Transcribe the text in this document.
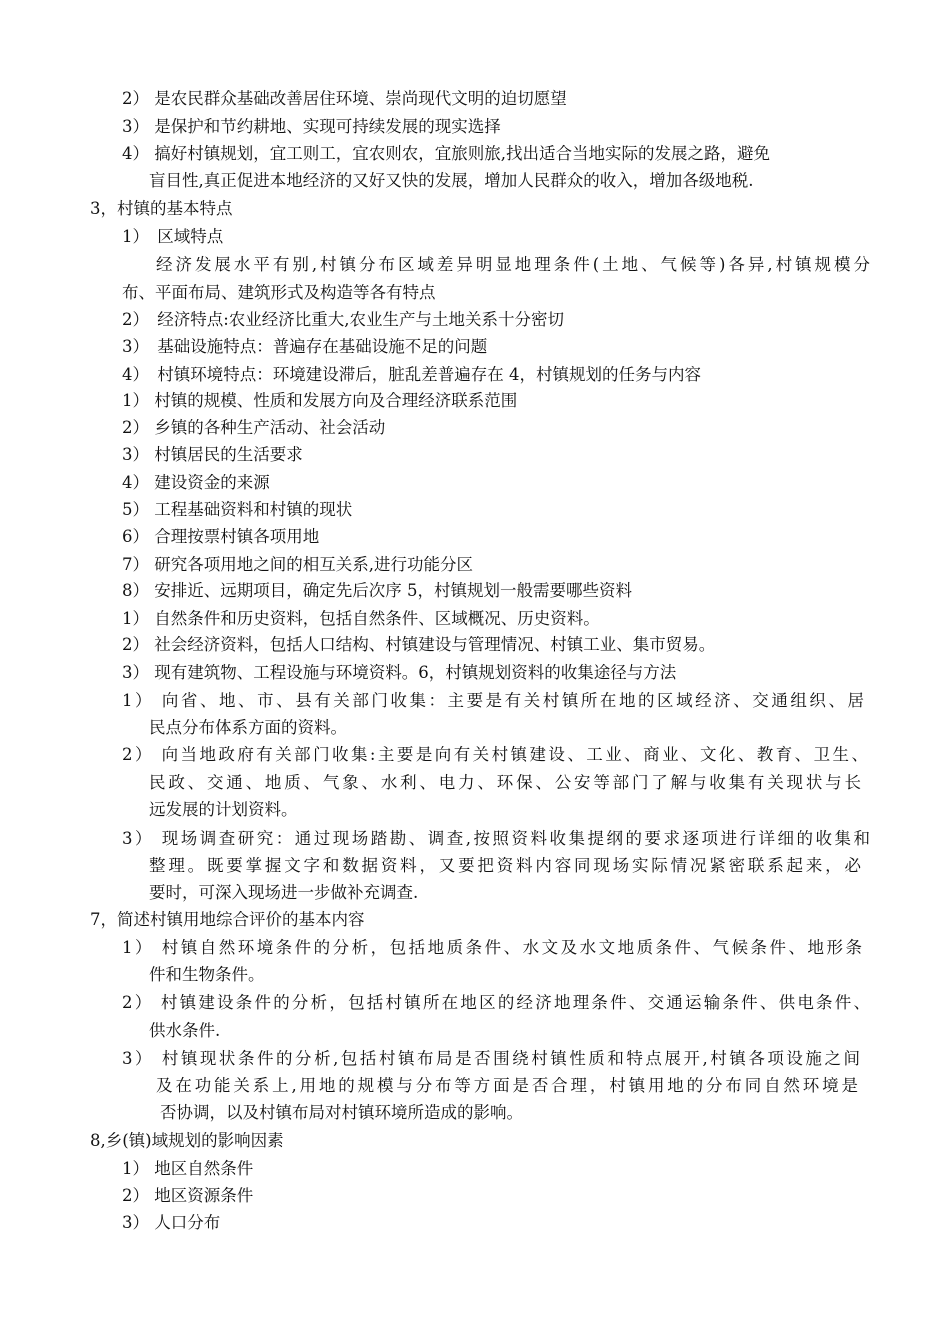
2） 是农民群众基础改善居住环境、崇尚现代文明的迫切愿望
3） 是保护和节约耕地、实现可持续发展的现实选择
4） 搞好村镇规划，宜工则工，宜农则农，宜旅则旅,找出适合当地实际的发展之路，避免
盲目性,真正促进本地经济的又好又快的发展，增加人民群众的收入，增加各级地税.
3，村镇的基本特点
1）　区域特点
经济发展水平有别,村镇分布区域差异明显地理条件(土地、气候等)各异,村镇规模分
布、平面布局、建筑形式及构造等各有特点
2）　经济特点:农业经济比重大,农业生产与土地关系十分密切
3）　基础设施特点：普遍存在基础设施不足的问题
4）　村镇环境特点：环境建设滞后，脏乱差普遍存在 4，村镇规划的任务与内容
1） 村镇的规模、性质和发展方向及合理经济联系范围
2） 乡镇的各种生产活动、社会活动
3） 村镇居民的生活要求
4） 建设资金的来源
5） 工程基础资料和村镇的现状
6） 合理按票村镇各项用地
7） 研究各项用地之间的相互关系,进行功能分区
8） 安排近、远期项目，确定先后次序 5，村镇规划一般需要哪些资料
1） 自然条件和历史资料，包括自然条件、区域概况、历史资料。
2） 社会经济资料，包括人口结构、村镇建设与管理情况、村镇工业、集市贸易。
3） 现有建筑物、工程设施与环境资料。6，村镇规划资料的收集途径与方法
1） 向省、地、市、县有关部门收集：主要是有关村镇所在地的区域经济、交通组织、居
民点分布体系方面的资料。
2） 向当地政府有关部门收集:主要是向有关村镇建设、工业、商业、文化、教育、卫生、
民政、交通、地质、气象、水利、电力、环保、公安等部门了解与收集有关现状与长
远发展的计划资料。
3） 现场调查研究：通过现场踏勘、调查,按照资料收集提纲的要求逐项进行详细的收集和
整理。既要掌握文字和数据资料，又要把资料内容同现场实际情况紧密联系起来，必
要时，可深入现场进一步做补充调查.
7，简述村镇用地综合评价的基本内容
1） 村镇自然环境条件的分析，包括地质条件、水文及水文地质条件、气候条件、地形条
件和生物条件。
2） 村镇建设条件的分析，包括村镇所在地区的经济地理条件、交通运输条件、供电条件、
供水条件.
3） 村镇现状条件的分析,包括村镇布局是否围绕村镇性质和特点展开,村镇各项设施之间
及在功能关系上,用地的规模与分布等方面是否合理，村镇用地的分布同自然环境是
否协调，以及村镇布局对村镇环境所造成的影响。
8,乡(镇)域规划的影响因素
1） 地区自然条件
2） 地区资源条件
3） 人口分布
